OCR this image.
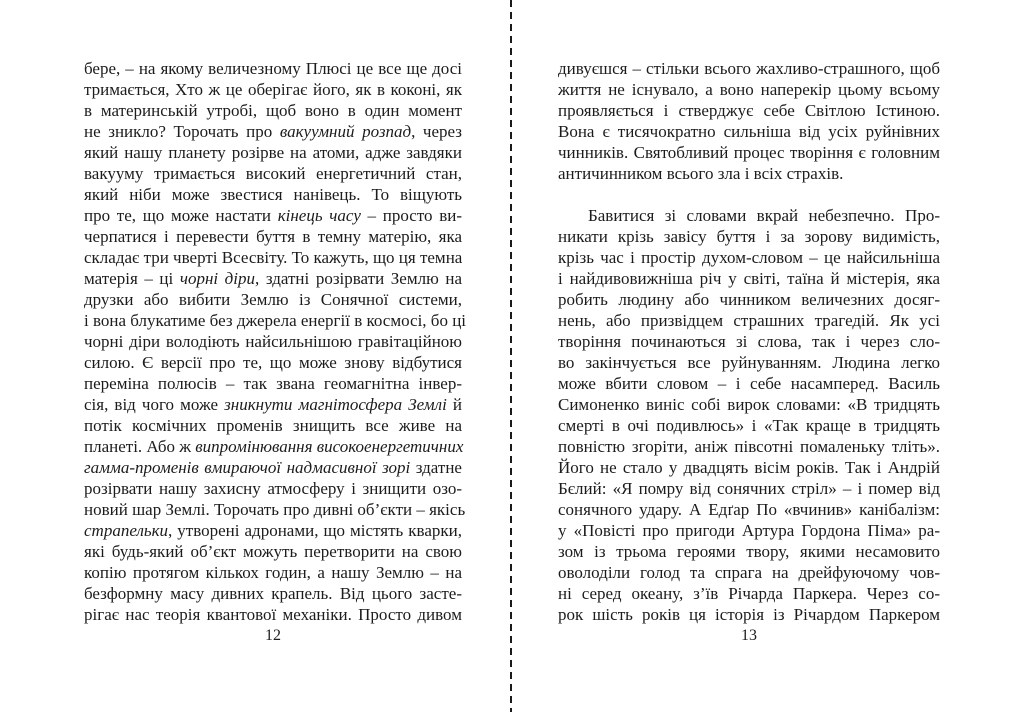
бере, – на якому величезному Плюсі це все ще досі
тримається, Хто ж це оберігає його, як в коконі, як
в материнській утробі, щоб воно в один момент
не зникло? Торочать про вакуумний розпад, через
який нашу планету розірве на атоми, адже завдяки
вакууму тримається високий енергетичний стан,
який ніби може звестися нанівець. То віщують
про те, що може настати кінець часу – просто ви-
черпатися і перевести буття в темну матерію, яка
складає три чверті Всесвіту. То кажуть, що ця темна
матерія – ці чорні діри, здатні розірвати Землю на
друзки або вибити Землю із Сонячної системи,
і вона блукатиме без джерела енергії в космосі, бо ці
чорні діри володіють найсильнішою гравітаційною
силою. Є версії про те, що може знову відбутися
переміна полюсів – так звана геомагнітна інвер-
сія, від чого може зникнути магнітосфера Землі й
потік космічних променів знищить все живе на
планеті. Або ж випромінювання високоенергетичних
гамма-променів вмираючої надмасивної зорі здатне
розірвати нашу захисну атмосферу і знищити озо-
новий шар Землі. Торочать про дивні об’єкти – якісь
страпельки, утворені адронами, що містять кварки,
які будь-який об’єкт можуть перетворити на свою
копію протягом кількох годин, а нашу Землю – на
безформну масу дивних крапель. Від цього засте-
рігає нас теорія квантової механіки. Просто дивом
12
дивуєшся – стільки всього жахливо-страшного, щоб
життя не існувало, а воно наперекір цьому всьому
проявляється і стверджує себе Світлою Істиною.
Вона є тисячократно сильніша від усіх руйнівних
чинників. Святобливий процес творіння є головним
античинником всього зла і всіх страхів.
Бавитися зі словами вкрай небезпечно. Про-
никати крізь завісу буття і за зорову видимість,
крізь час і простір духом-словом – це найсильніша
і найдивовижніша річ у світі, таїна й містерія, яка
робить людину або чинником величезних досяг-
нень, або призвідцем страшних трагедій. Як усі
творіння починаються зі слова, так і через сло-
во закінчується все руйнуванням. Людина легко
може вбити словом – і себе насамперед. Василь
Симоненко виніс собі вирок словами: «В тридцять
смерті в очі подивлюсь» і «Так краще в тридцять
повністю згоріти, аніж півсотні помаленьку тліть».
Його не стало у двадцять вісім років. Так і Андрій
Бєлий: «Я помру від сонячних стріл» – і помер від
сонячного удару. А Едґар По «вчинив» канібалізм:
у «Повісті про пригоди Артура Гордона Піма» ра-
зом із трьома героями твору, якими несамовито
оволоділи голод та спрага на дрейфуючому чов-
ні серед океану, з’їв Річарда Паркера. Через со-
рок шість років ця історія із Річардом Паркером
13
